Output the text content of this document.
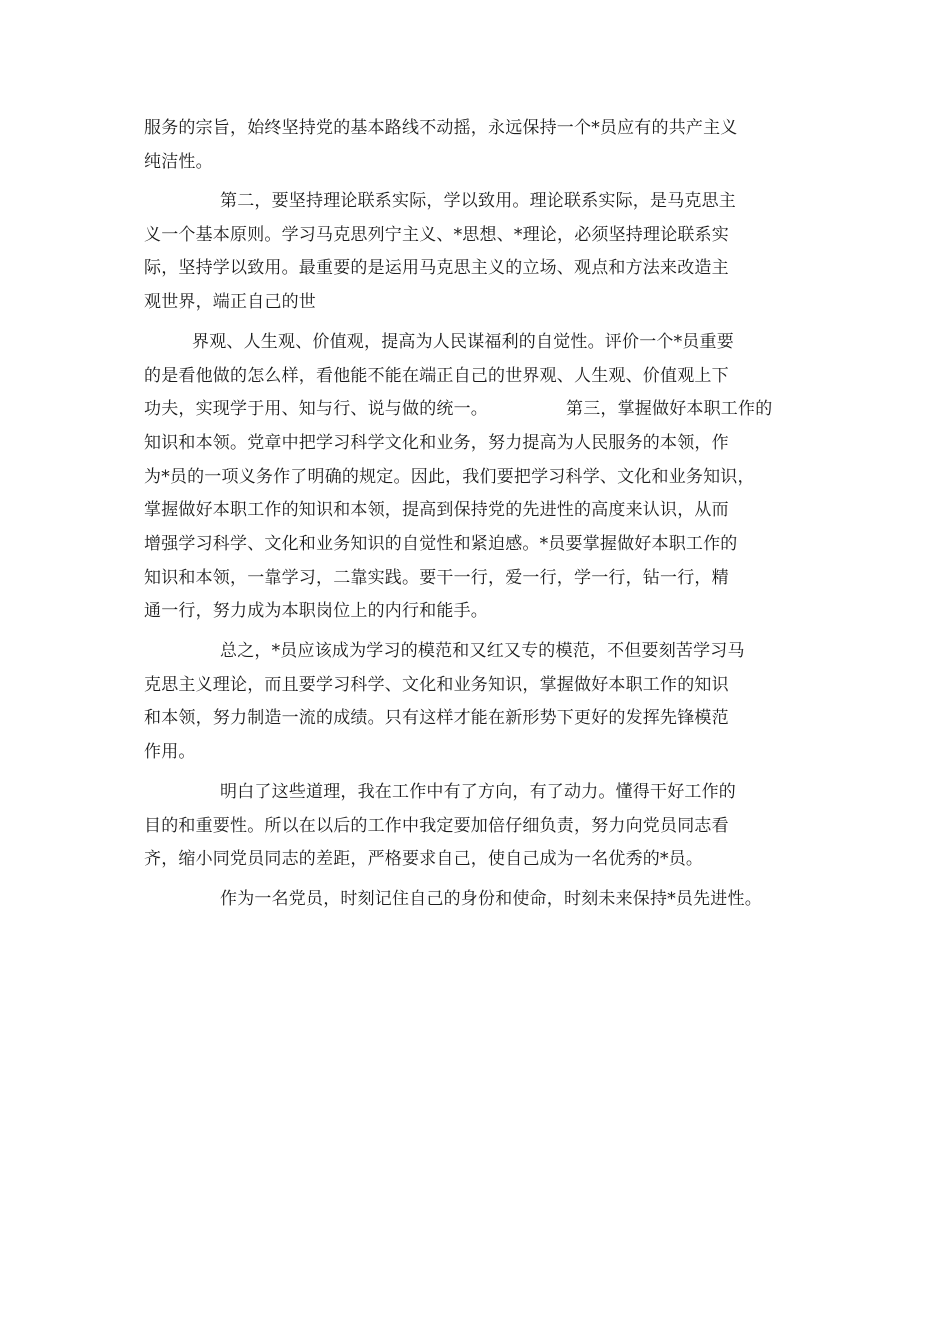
服务的宗旨，始终坚持党的基本路线不动摇，永远保持一个*员应有的共产主义
纯洁性。
第二，要坚持理论联系实际，学以致用。理论联系实际，是马克思主
义一个基本原则。学习马克思列宁主义、*思想、*理论，必须坚持理论联系实
际，坚持学以致用。最重要的是运用马克思主义的立场、观点和方法来改造主
观世界，端正自己的世
界观、人生观、价值观，提高为人民谋福利的自觉性。评价一个*员重要
的是看他做的怎么样，看他能不能在端正自己的世界观、人生观、价值观上下
功夫，实现学于用、知与行、说与做的统一。	第三，掌握做好本职工作的
知识和本领。党章中把学习科学文化和业务，努力提高为人民服务的本领，作
为*员的一项义务作了明确的规定。因此，我们要把学习科学、文化和业务知识，
掌握做好本职工作的知识和本领，提高到保持党的先进性的高度来认识，从而
增强学习科学、文化和业务知识的自觉性和紧迫感。*员要掌握做好本职工作的
知识和本领，一靠学习，二靠实践。要干一行，爱一行，学一行，钻一行，精
通一行，努力成为本职岗位上的内行和能手。
总之，*员应该成为学习的模范和又红又专的模范，不但要刻苦学习马
克思主义理论，而且要学习科学、文化和业务知识，掌握做好本职工作的知识
和本领，努力制造一流的成绩。只有这样才能在新形势下更好的发挥先锋模范
作用。
明白了这些道理，我在工作中有了方向，有了动力。懂得干好工作的
目的和重要性。所以在以后的工作中我定要加倍仔细负责，努力向党员同志看
齐，缩小同党员同志的差距，严格要求自己，使自己成为一名优秀的*员。
作为一名党员，时刻记住自己的身份和使命，时刻未来保持*员先进性。
